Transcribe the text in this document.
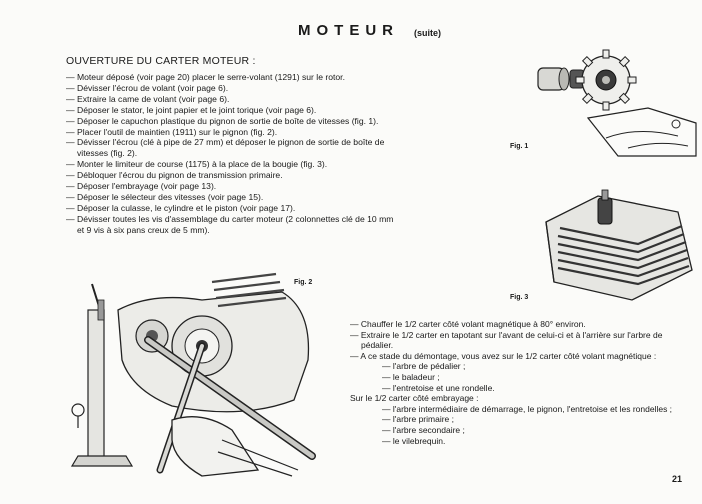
MOTEUR (suite)
OUVERTURE DU CARTER MOTEUR :
— Moteur déposé (voir page 20) placer le serre-volant (1291) sur le rotor.
— Dévisser l'écrou de volant (voir page 6).
— Extraire la came de volant (voir page 6).
— Déposer le stator, le joint papier et le joint torique (voir page 6).
— Déposer le capuchon plastique du pignon de sortie de boîte de vitesses (fig. 1).
— Placer l'outil de maintien (1911) sur le pignon (fig. 2).
— Dévisser l'écrou (clé à pipe de 27 mm) et déposer le pignon de sortie de boîte de vitesses (fig. 2).
— Monter le limiteur de course (1175) à la place de la bougie (fig. 3).
— Débloquer l'écrou du pignon de transmission primaire.
— Déposer l'embrayage (voir page 13).
— Déposer le sélecteur des vitesses (voir page 15).
— Déposer la culasse, le cylindre et le piston (voir page 17).
— Dévisser toutes les vis d'assemblage du carter moteur (2 colonnettes clé de 10 mm et 9 vis à six pans creux de 5 mm).
Fig. 1
Fig. 3
Fig. 2
— Chauffer le 1/2 carter côté volant magnétique à 80° environ.
— Extraire le 1/2 carter en tapotant sur l'avant de celui-ci et à l'arrière sur l'arbre de pédalier.
— A ce stade du démontage, vous avez sur le 1/2 carter côté volant magnétique :
— l'arbre de pédalier ;
— le baladeur ;
— l'entretoise et une rondelle.
Sur le 1/2 carter côté embrayage :
— l'arbre intermédiaire de démarrage, le pignon, l'entretoise et les rondelles ;
— l'arbre primaire ;
— l'arbre secondaire ;
— le vilebrequin.
21
